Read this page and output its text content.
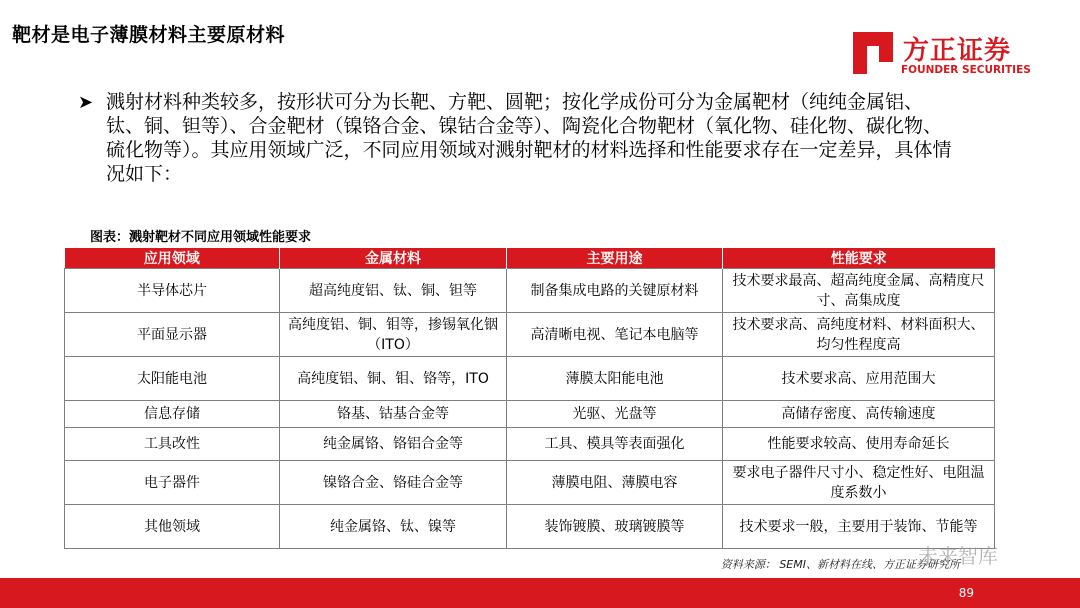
靶材是电子薄膜材料主要原材料
方正证券
FOUNDER SECURITIES
➤ 溅射材料种类较多，按形状可分为长靶、方靶、圆靶；按化学成份可分为金属靶材（纯纯金属铝、钛、铜、钽等）、合金靶材（镍铬合金、镍钴合金等）、陶瓷化合物靶材（氧化物、硅化物、碳化物、硫化物等）。其应用领域广泛，不同应用领域对溅射靶材的材料选择和性能要求存在一定差异，具体情况如下：
图表：溅射靶材不同应用领域性能要求
应用领域	金属材料	主要用途	性能要求
半导体芯片	超高纯度铝、钛、铜、钽等	制备集成电路的关键原材料	技术要求最高、超高纯度金属、高精度尺寸、高集成度
平面显示器	高纯度铝、铜、钼等，掺锡氧化铟（ITO）	高清晰电视、笔记本电脑等	技术要求高、高纯度材料、材料面积大、均匀性程度高
太阳能电池	高纯度铝、铜、钼、铬等，ITO	薄膜太阳能电池	技术要求高、应用范围大
信息存储	铬基、钴基合金等	光驱、光盘等	高储存密度、高传输速度
工具改性	纯金属铬、铬铝合金等	工具、模具等表面强化	性能要求较高、使用寿命延长
电子器件	镍铬合金、铬硅合金等	薄膜电阻、薄膜电容	要求电子器件尺寸小、稳定性好、电阻温度系数小
其他领域	纯金属铬、钛、镍等	装饰镀膜、玻璃镀膜等	技术要求一般，主要用于装饰、节能等
资料来源： SEMI、新材料在线、方正证券研究所
未来智库
89
